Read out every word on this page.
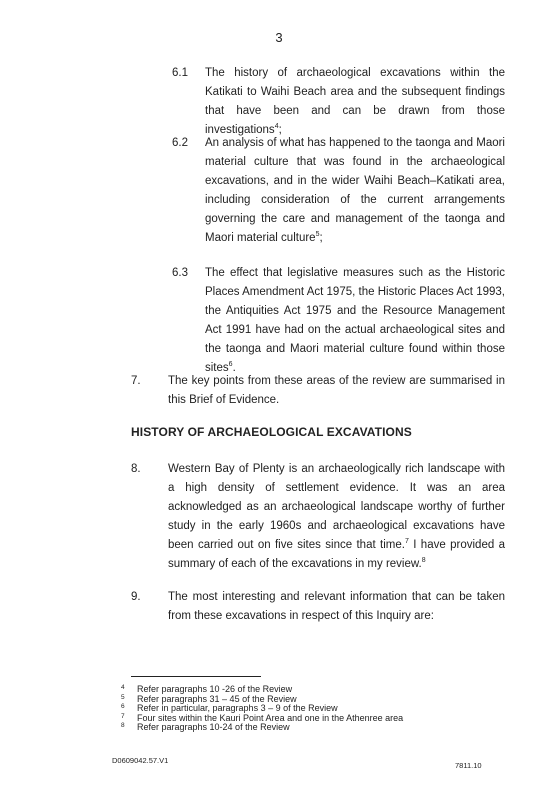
3
6.1 The history of archaeological excavations within the Katikati to Waihi Beach area and the subsequent findings that have been and can be drawn from those investigations$^4$;
6.2 An analysis of what has happened to the taonga and Maori material culture that was found in the archaeological excavations, and in the wider Waihi Beach–Katikati area, including consideration of the current arrangements governing the care and management of the taonga and Maori material culture$^5$;
6.3 The effect that legislative measures such as the Historic Places Amendment Act 1975, the Historic Places Act 1993, the Antiquities Act 1975 and the Resource Management Act 1991 have had on the actual archaeological sites and the taonga and Maori material culture found within those sites$^6$.
7. The key points from these areas of the review are summarised in this Brief of Evidence.
HISTORY OF ARCHAEOLOGICAL EXCAVATIONS
8. Western Bay of Plenty is an archaeologically rich landscape with a high density of settlement evidence. It was an area acknowledged as an archaeological landscape worthy of further study in the early 1960s and archaeological excavations have been carried out on five sites since that time.$^7$ I have provided a summary of each of the excavations in my review.$^8$
9. The most interesting and relevant information that can be taken from these excavations in respect of this Inquiry are:
4 Refer paragraphs 10 -26 of the Review
5 Refer paragraphs 31 – 45 of the Review
6 Refer in particular, paragraphs 3 – 9 of the Review
7 Four sites within the Kauri Point Area and one in the Athenree area
8 Refer paragraphs 10-24 of the Review
D0609042.57.V1
7811.10
